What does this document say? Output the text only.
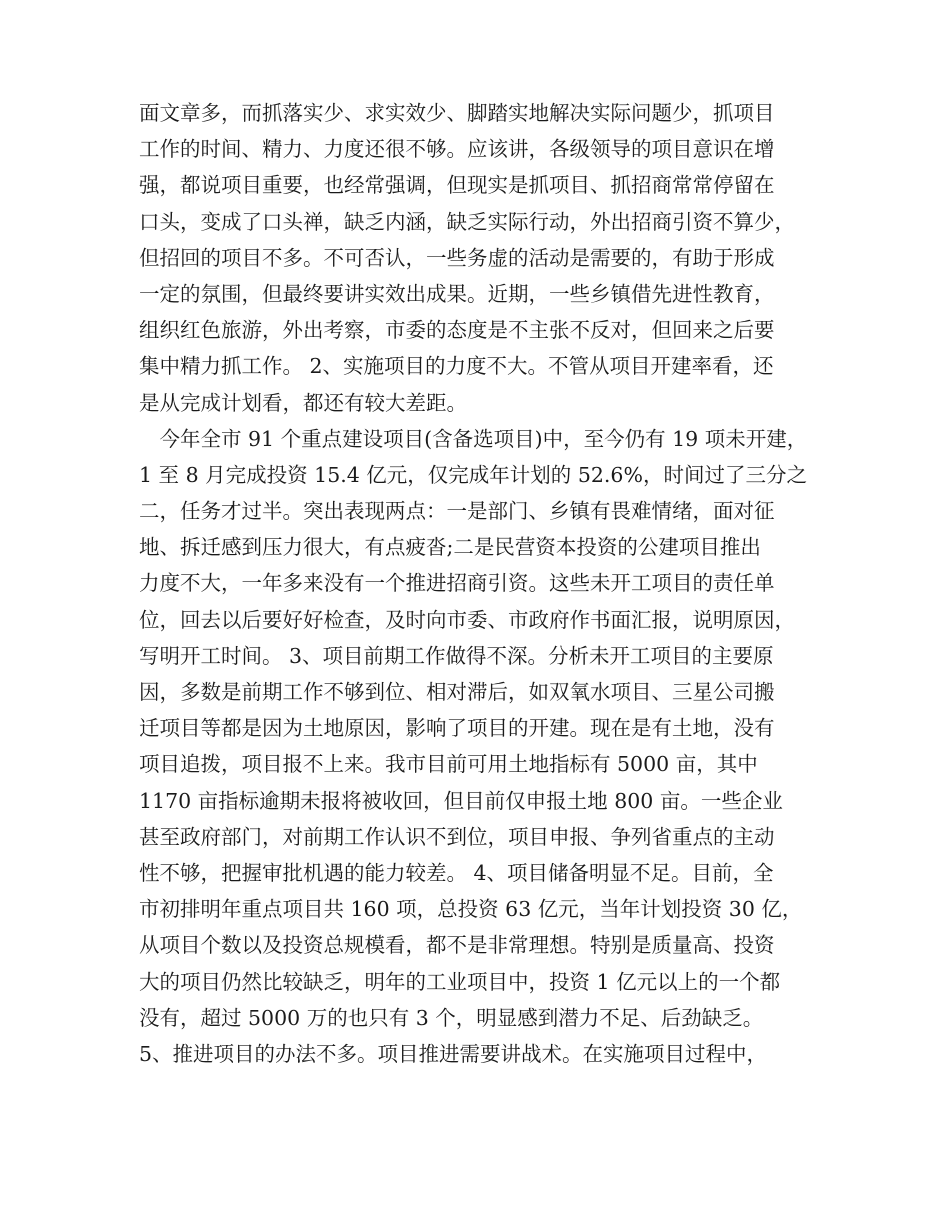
面文章多，而抓落实少、求实效少、脚踏实地解决实际问题少，抓项目
工作的时间、精力、力度还很不够。应该讲，各级领导的项目意识在增
强，都说项目重要，也经常强调，但现实是抓项目、抓招商常常停留在
口头，变成了口头禅，缺乏内涵，缺乏实际行动，外出招商引资不算少，
但招回的项目不多。不可否认，一些务虚的活动是需要的，有助于形成
一定的氛围，但最终要讲实效出成果。近期，一些乡镇借先进性教育，
组织红色旅游，外出考察，市委的态度是不主张不反对，但回来之后要
集中精力抓工作。 2、实施项目的力度不大。不管从项目开建率看，还
是从完成计划看，都还有较大差距。
　今年全市 91 个重点建设项目(含备选项目)中，至今仍有 19 项未开建，
1 至 8 月完成投资 15.4 亿元，仅完成年计划的 52.6%，时间过了三分之
二，任务才过半。突出表现两点：一是部门、乡镇有畏难情绪，面对征
地、拆迁感到压力很大，有点疲沓;二是民营资本投资的公建项目推出
力度不大，一年多来没有一个推进招商引资。这些未开工项目的责任单
位，回去以后要好好检查，及时向市委、市政府作书面汇报，说明原因，
写明开工时间。 3、项目前期工作做得不深。分析未开工项目的主要原
因，多数是前期工作不够到位、相对滞后，如双氧水项目、三星公司搬
迁项目等都是因为土地原因，影响了项目的开建。现在是有土地，没有
项目追拨，项目报不上来。我市目前可用土地指标有 5000 亩，其中
1170 亩指标逾期未报将被收回，但目前仅申报土地 800 亩。一些企业
甚至政府部门，对前期工作认识不到位，项目申报、争列省重点的主动
性不够，把握审批机遇的能力较差。 4、项目储备明显不足。目前，全
市初排明年重点项目共 160 项，总投资 63 亿元，当年计划投资 30 亿，
从项目个数以及投资总规模看，都不是非常理想。特别是质量高、投资
大的项目仍然比较缺乏，明年的工业项目中，投资 1 亿元以上的一个都
没有，超过 5000 万的也只有 3 个，明显感到潜力不足、后劲缺乏。
5、推进项目的办法不多。项目推进需要讲战术。在实施项目过程中，
